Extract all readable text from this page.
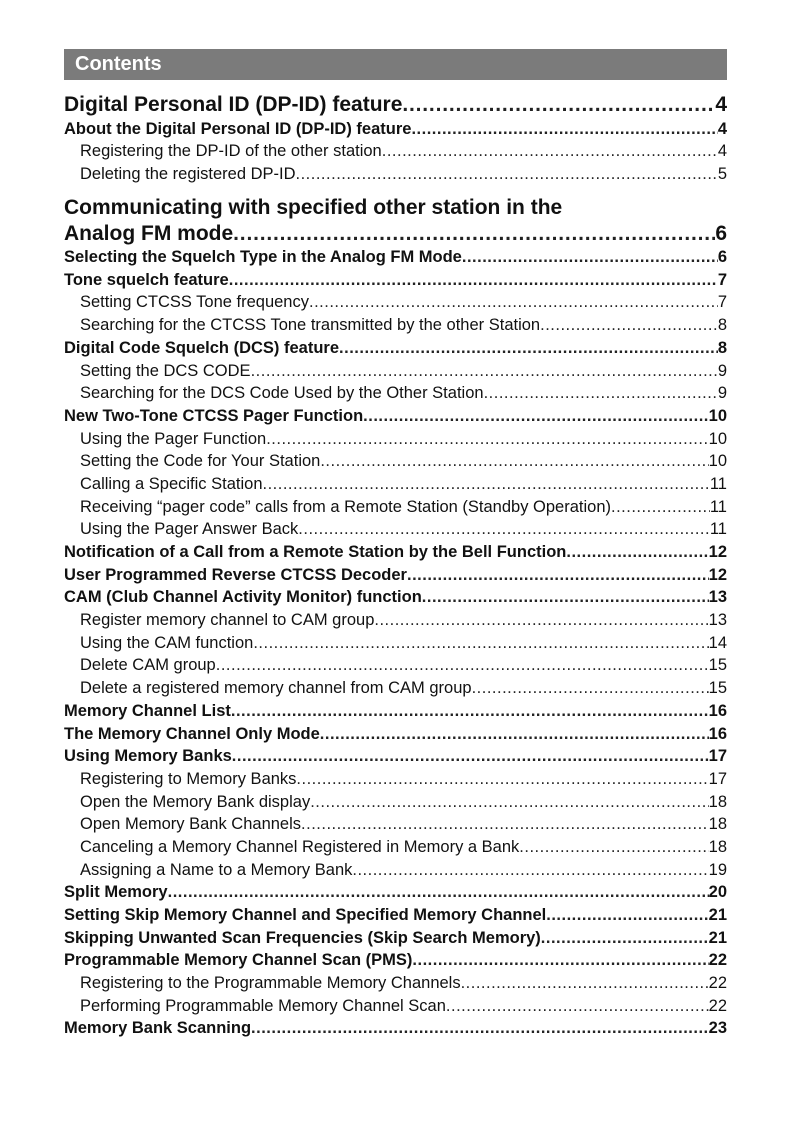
Contents
Digital Personal ID (DP-ID) feature .....	4
About the Digital Personal ID (DP-ID) feature .....	4
Registering the DP-ID of the other station .....	4
Deleting the registered DP-ID .....	5
Communicating with specified other station in the
Analog FM mode .....	6
Selecting the Squelch Type in the Analog FM Mode .....	6
Tone squelch feature .....	7
Setting CTCSS Tone frequency .....	7
Searching for the CTCSS Tone transmitted by the other Station .....	8
Digital Code Squelch (DCS) feature .....	8
Setting the DCS CODE .....	9
Searching for the DCS Code Used by the Other Station .....	9
New Two-Tone CTCSS Pager Function .....	10
Using the Pager Function .....	10
Setting the Code for Your Station .....	10
Calling a Specific Station .....	11
Receiving “pager code” calls from a Remote Station (Standby Operation) .....	11
Using the Pager Answer Back .....	11
Notification of a Call from a Remote Station by the Bell Function .....	12
User Programmed Reverse CTCSS Decoder .....	12
CAM (Club Channel Activity Monitor) function .....	13
Register memory channel to CAM group .....	13
Using the CAM function .....	14
Delete CAM group .....	15
Delete a registered memory channel from CAM group .....	15
Memory Channel List .....	16
The Memory Channel Only Mode .....	16
Using Memory Banks .....	17
Registering to Memory Banks .....	17
Open the Memory Bank display .....	18
Open Memory Bank Channels .....	18
Canceling a Memory Channel Registered in Memory a Bank .....	18
Assigning a Name to a Memory Bank .....	19
Split Memory .....	20
Setting Skip Memory Channel and Specified Memory Channel .....	21
Skipping Unwanted Scan Frequencies (Skip Search Memory) .....	21
Programmable Memory Channel Scan (PMS) .....	22
Registering to the Programmable Memory Channels .....	22
Performing Programmable Memory Channel Scan .....	22
Memory Bank Scanning .....	23
